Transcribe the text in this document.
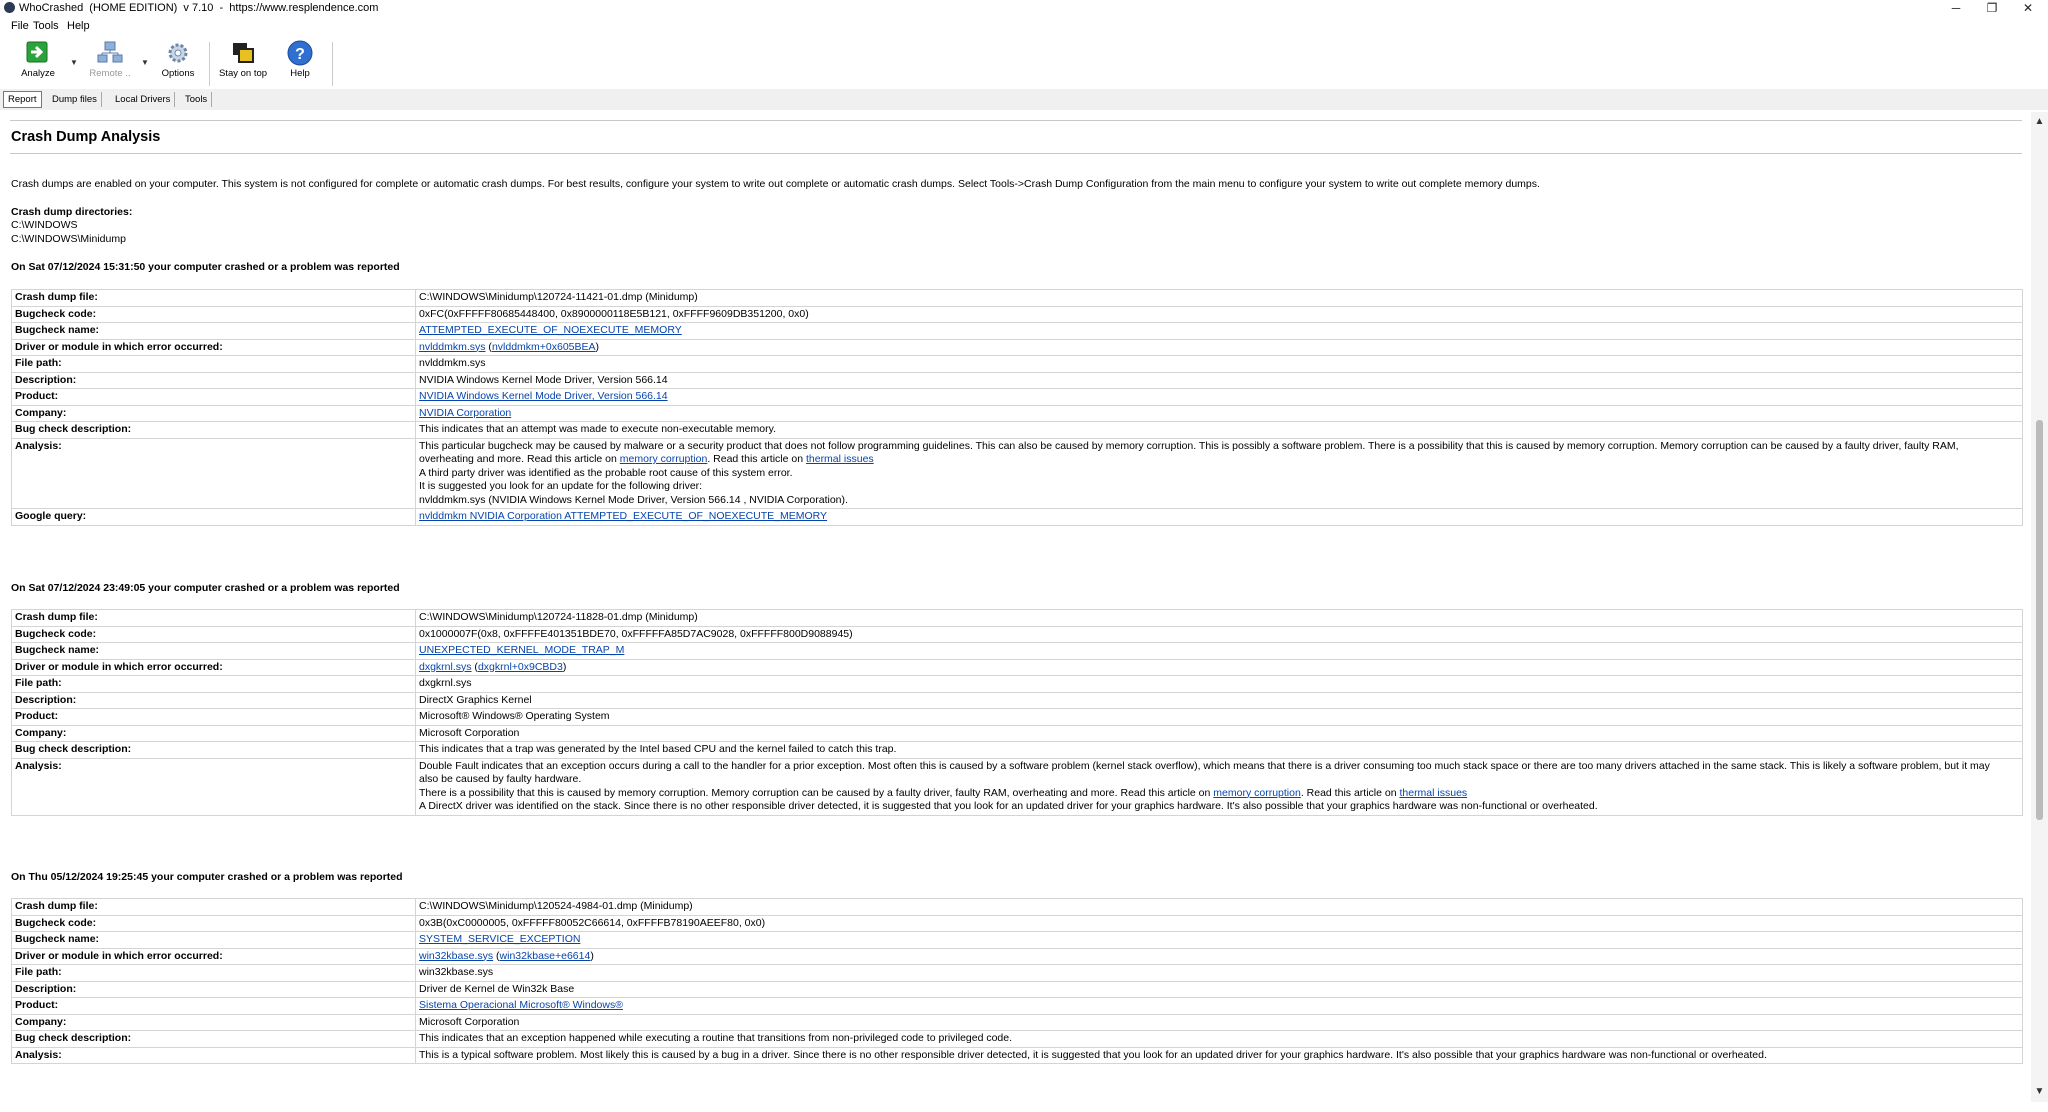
WhoCrashed  (HOME EDITION)  v 7.10  -  https://www.resplendence.com	─	❐	✕
File Tools Help
Analyze
▼
Remote ..
▼
Options	Stay on top
?
Help
Report	Dump files	Local Drivers	Tools
Crash Dump Analysis
Crash dumps are enabled on your computer. This system is not configured for complete or automatic crash dumps. For best results, configure your system to write out complete or automatic crash dumps. Select Tools->Crash Dump Configuration from the main menu to configure your system to write out complete memory dumps.
Crash dump directories:
C:\WINDOWS
C:\WINDOWS\Minidump
On Sat 07/12/2024 15:31:50 your computer crashed or a problem was reported
Crash dump file:	C:\WINDOWS\Minidump\120724-11421-01.dmp (Minidump)
Bugcheck code:	0xFC(0xFFFFF80685448400, 0x8900000118E5B121, 0xFFFF9609DB351200, 0x0)
Bugcheck name:	ATTEMPTED_EXECUTE_OF_NOEXECUTE_MEMORY
Driver or module in which error occurred:	nvlddmkm.sys (nvlddmkm+0x605BEA)
File path:	nvlddmkm.sys
Description:	NVIDIA Windows Kernel Mode Driver, Version 566.14
Product:	NVIDIA Windows Kernel Mode Driver, Version 566.14
Company:	NVIDIA Corporation
Bug check description:	This indicates that an attempt was made to execute non-executable memory.
Analysis:	This particular bugcheck may be caused by malware or a security product that does not follow programming guidelines. This can also be caused by memory corruption. This is possibly a software problem. There is a possibility that this is caused by memory corruption. Memory corruption can be caused by a faulty driver, faulty RAM,
overheating and more. Read this article on memory corruption. Read this article on thermal issues
A third party driver was identified as the probable root cause of this system error.
It is suggested you look for an update for the following driver:
nvlddmkm.sys (NVIDIA Windows Kernel Mode Driver, Version 566.14 , NVIDIA Corporation).

Google query:	nvlddmkm NVIDIA Corporation ATTEMPTED_EXECUTE_OF_NOEXECUTE_MEMORY
On Sat 07/12/2024 23:49:05 your computer crashed or a problem was reported
Crash dump file:	C:\WINDOWS\Minidump\120724-11828-01.dmp (Minidump)
Bugcheck code:	0x1000007F(0x8, 0xFFFFE401351BDE70, 0xFFFFFA85D7AC9028, 0xFFFFF800D9088945)
Bugcheck name:	UNEXPECTED_KERNEL_MODE_TRAP_M
Driver or module in which error occurred:	dxgkrnl.sys (dxgkrnl+0x9CBD3)
File path:	dxgkrnl.sys
Description:	DirectX Graphics Kernel
Product:	Microsoft® Windows® Operating System
Company:	Microsoft Corporation
Bug check description:	This indicates that a trap was generated by the Intel based CPU and the kernel failed to catch this trap.
Analysis:	Double Fault indicates that an exception occurs during a call to the handler for a prior exception. Most often this is caused by a software problem (kernel stack overflow), which means that there is a driver consuming too much stack space or there are too many drivers attached in the same stack. This is likely a software problem, but it may
also be caused by faulty hardware.
There is a possibility that this is caused by memory corruption. Memory corruption can be caused by a faulty driver, faulty RAM, overheating and more. Read this article on memory corruption. Read this article on thermal issues
A DirectX driver was identified on the stack. Since there is no other responsible driver detected, it is suggested that you look for an updated driver for your graphics hardware. It's also possible that your graphics hardware was non-functional or overheated.
On Thu 05/12/2024 19:25:45 your computer crashed or a problem was reported
Crash dump file:	C:\WINDOWS\Minidump\120524-4984-01.dmp (Minidump)
Bugcheck code:	0x3B(0xC0000005, 0xFFFFF80052C66614, 0xFFFFB78190AEEF80, 0x0)
Bugcheck name:	SYSTEM_SERVICE_EXCEPTION
Driver or module in which error occurred:	win32kbase.sys (win32kbase+e6614)
File path:	win32kbase.sys
Description:	Driver de Kernel de Win32k Base
Product:	Sistema Operacional Microsoft® Windows®
Company:	Microsoft Corporation
Bug check description:	This indicates that an exception happened while executing a routine that transitions from non-privileged code to privileged code.
Analysis:	This is a typical software problem. Most likely this is caused by a bug in a driver. Since there is no other responsible driver detected, it is suggested that you look for an updated driver for your graphics hardware. It's also possible that your graphics hardware was non-functional or overheated.
▲
▼
